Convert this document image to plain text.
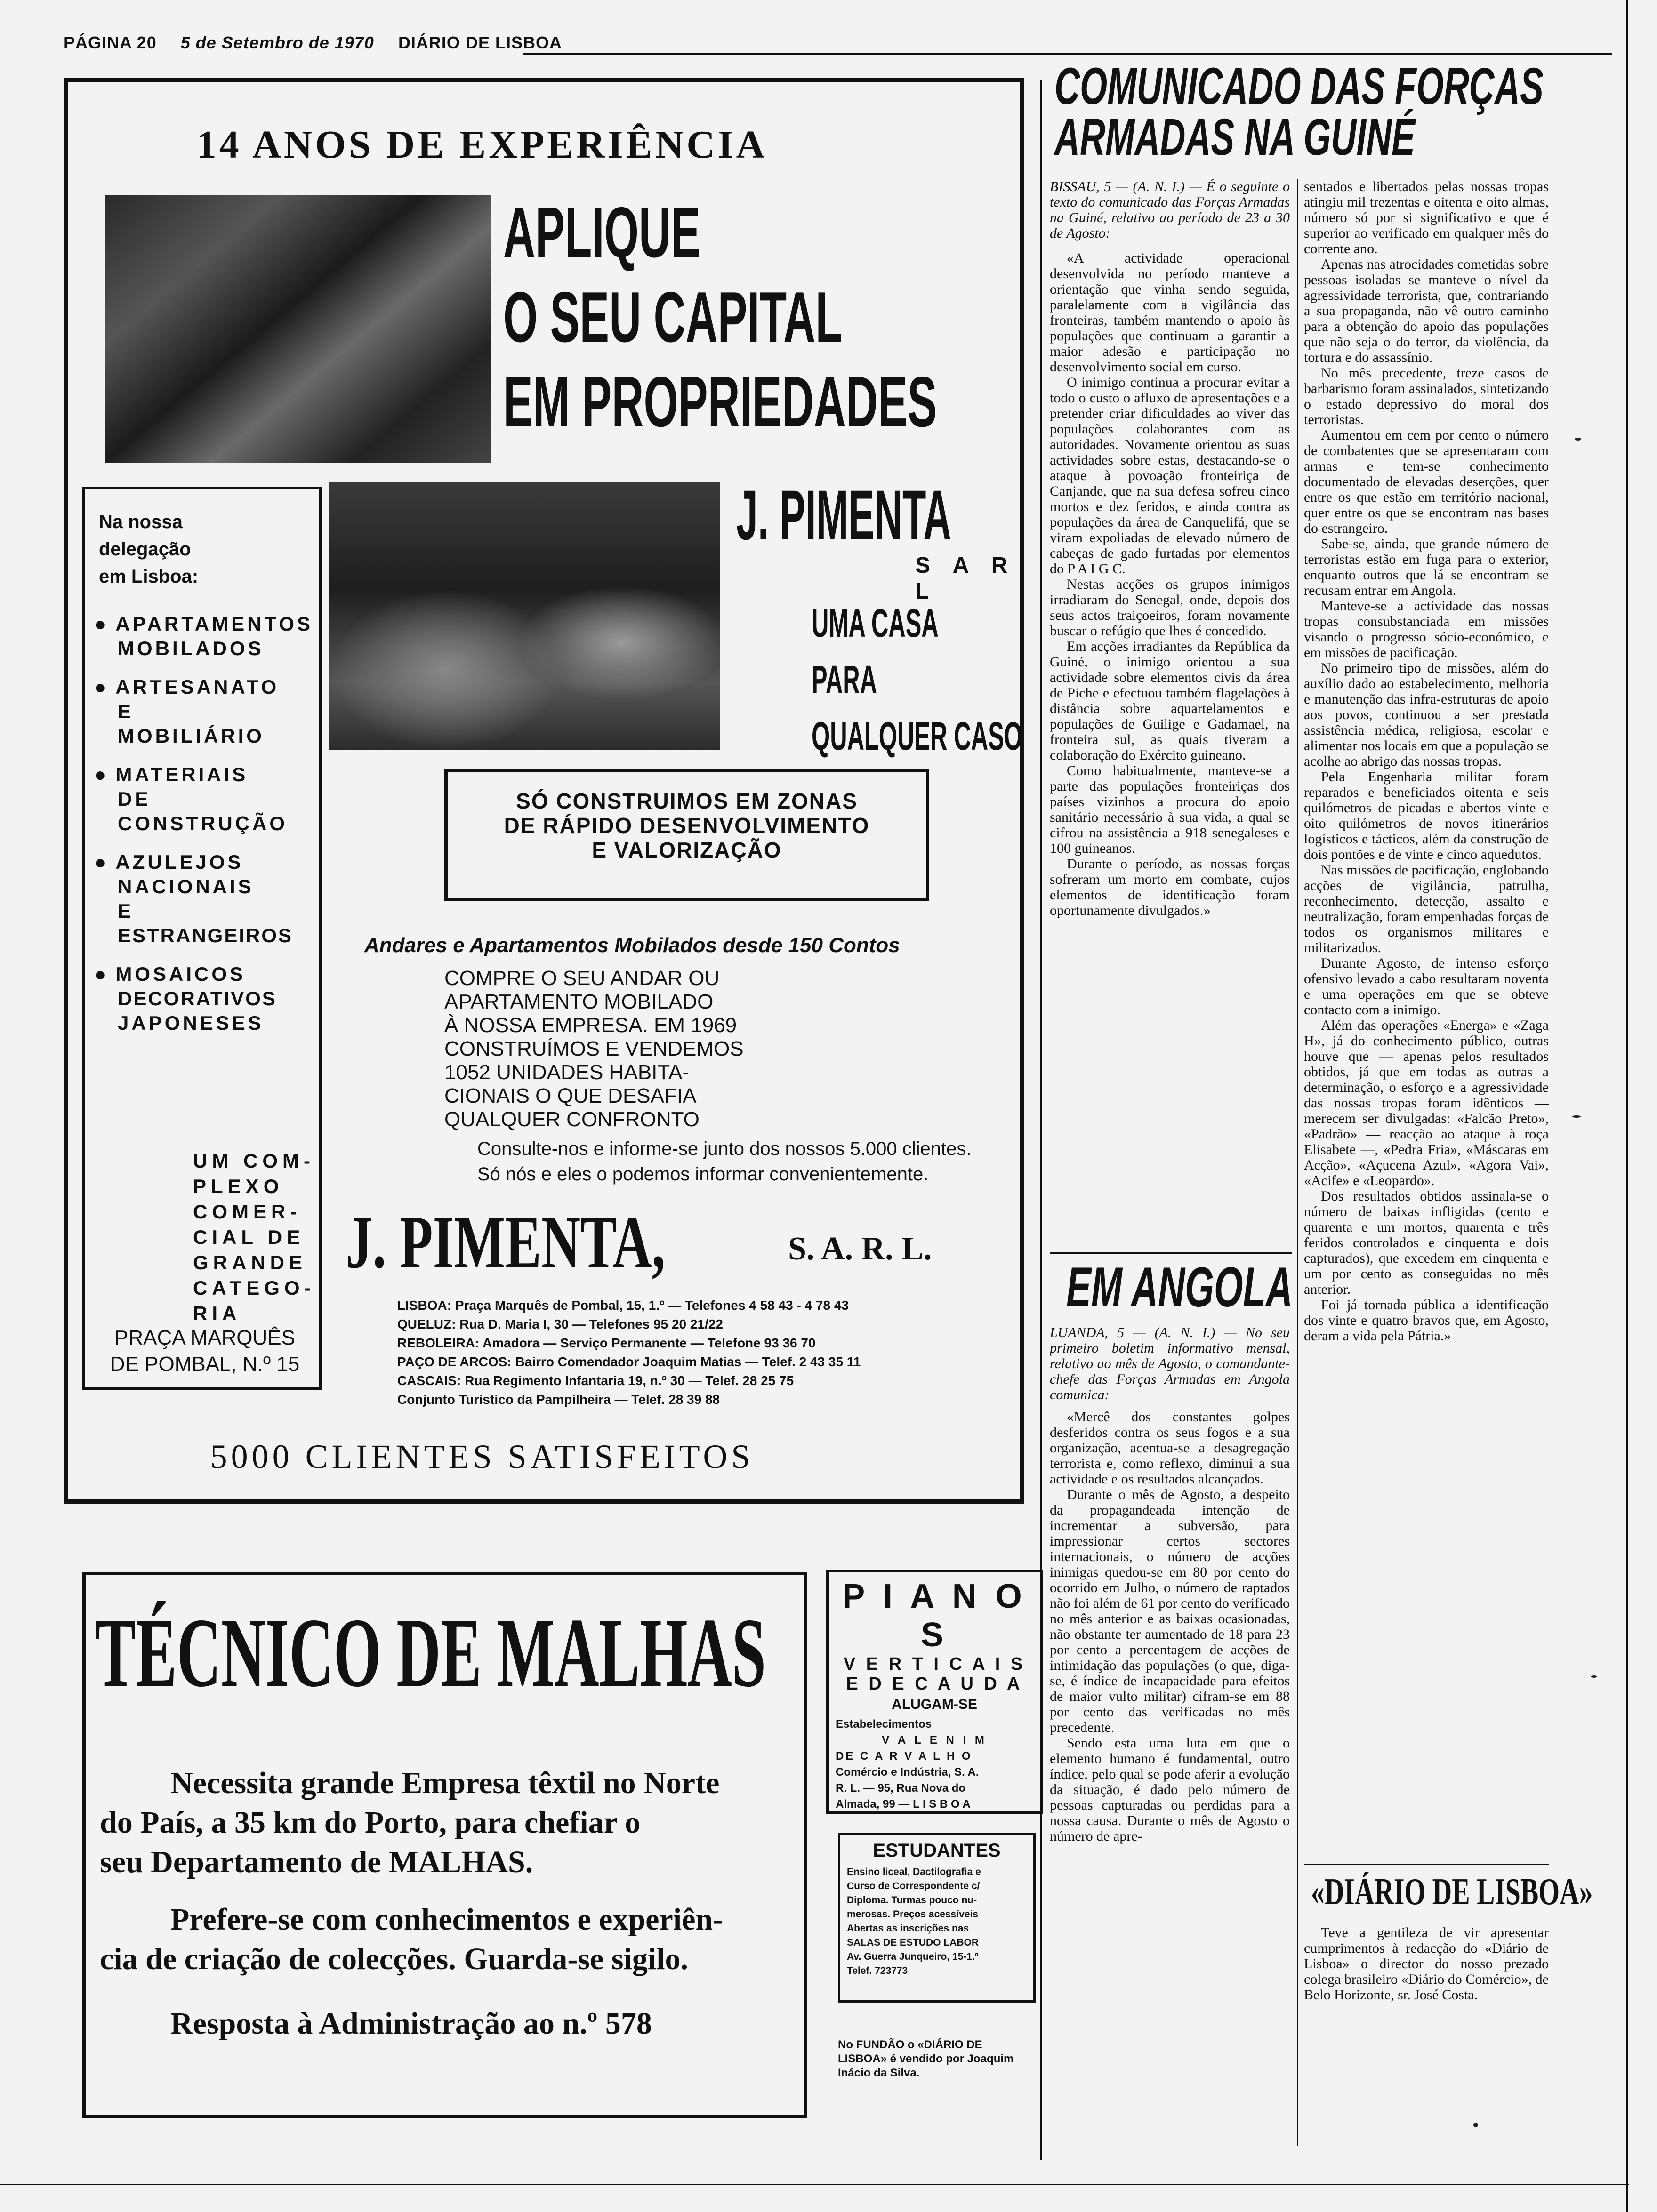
PÁGINA 20 5 de Setembro de 1970 DIÁRIO DE LISBOA
14 ANOS DE EXPERIÊNCIA
APLIQUE
O SEU CAPITAL
EM PROPRIEDADES
Na nossa
delegação
em Lisboa:
● APARTAMENTOS
MOBILADOS
● ARTESANATO
E
MOBILIÁRIO
● MATERIAIS
DE
CONSTRUÇÃO
● AZULEJOS
NACIONAIS
E
ESTRANGEIROS
● MOSAICOS
DECORATIVOS
JAPONESES
UM COM-
PLEXO
COMER-
CIAL DE
GRANDE
CATEGO-
RIA
PRAÇA MARQUÊS
DE POMBAL, N.º 15
J. PIMENTA
S A R L
UMA CASA
PARA
QUALQUER CASO
SÓ CONSTRUIMOS EM ZONAS
DE RÁPIDO DESENVOLVIMENTO
E VALORIZAÇÃO
Andares e Apartamentos Mobilados desde 150 Contos
COMPRE O SEU ANDAR OU
APARTAMENTO MOBILADO
À NOSSA EMPRESA. EM 1969
CONSTRUÍMOS E VENDEMOS
1052 UNIDADES HABITA-
CIONAIS O QUE DESAFIA
QUALQUER CONFRONTO
Consulte-nos e informe-se junto dos nossos 5.000 clientes.
Só nós e eles o podemos informar convenientemente.
J. PIMENTA,	S. A. R. L.
LISBOA: Praça Marquês de Pombal, 15, 1.º — Telefones 4 58 43 - 4 78 43
QUELUZ: Rua D. Maria I, 30 — Telefones 95 20 21/22
REBOLEIRA: Amadora — Serviço Permanente — Telefone 93 36 70
PAÇO DE ARCOS: Bairro Comendador Joaquim Matias — Telef. 2 43 35 11
CASCAIS: Rua Regimento Infantaria 19, n.º 30 — Telef. 28 25 75
Conjunto Turístico da Pampilheira — Telef. 28 39 88
5000 CLIENTES SATISFEITOS
TÉCNICO DE MALHAS
Necessita grande Empresa têxtil no Norte
do País, a 35 km do Porto, para chefiar o
seu Departamento de MALHAS.
Prefere-se com conhecimentos e experiên-
cia de criação de colecções. Guarda-se sigilo.
Resposta à Administração ao n.º 578
P I A N O S
V E R T I C A I S
E D E C A U D A
ALUGAM-SE
Estabelecimentos
V A L E N I M
DE C A R V A L H O
Comércio e Indústria, S. A.
R. L. — 95, Rua Nova do
Almada, 99 — L I S B O A
ESTUDANTES
Ensino liceal, Dactilografia e
Curso de Correspondente c/
Diploma. Turmas pouco nu-
merosas. Preços acessíveis
Abertas as inscrições nas
SALAS DE ESTUDO LABOR
Av. Guerra Junqueiro, 15-1.º
Telef. 723773
No FUNDÃO o «DIÁRIO DE
LISBOA» é vendido por Joaquim
Inácio da Silva.
COMUNICADO DAS FORÇAS
ARMADAS NA GUINÉ
BISSAU, 5 — (A. N. I.) — É o seguinte o texto do comunicado das Forças Armadas na Guiné, relativo ao período de 23 a 30 de Agosto:

«A actividade operacional desenvolvida no período manteve a orientação que vinha sendo seguida, paralelamente com a vigilância das fronteiras, também mantendo o apoio às populações que continuam a garantir a maior adesão e participação no desenvolvimento social em curso.

O inimigo continua a procurar evitar a todo o custo o afluxo de apresentações e a pretender criar dificuldades ao viver das populações colaborantes com as autoridades. Novamente orientou as suas actividades sobre estas, destacando-se o ataque à povoação fronteiriça de Canjande, que na sua defesa sofreu cinco mortos e dez feridos, e ainda contra as populações da área de Canquelifá, que se viram expoliadas de elevado número de cabeças de gado furtadas por elementos do P A I G C.

Nestas acções os grupos inimigos irradiaram do Senegal, onde, depois dos seus actos traiçoeiros, foram novamente buscar o refúgio que lhes é concedido.

Em acções irradiantes da República da Guiné, o inimigo orientou a sua actividade sobre elementos civis da área de Piche e efectuou também flagelações à distância sobre aquartelamentos e populações de Guilige e Gadamael, na fronteira sul, as quais tiveram a colaboração do Exército guineano.

Como habitualmente, manteve-se a parte das populações fronteiriças dos países vizinhos a procura do apoio sanitário necessário à sua vida, a qual se cifrou na assistência a 918 senegaleses e 100 guineanos.

Durante o período, as nossas forças sofreram um morto em combate, cujos elementos de identificação foram oportunamente divulgados.»

sentados e libertados pelas nossas tropas atingiu mil trezentas e oitenta e oito almas, número só por si significativo e que é superior ao verificado em qualquer mês do corrente ano.

Apenas nas atrocidades cometidas sobre pessoas isoladas se manteve o nível da agressividade terrorista, que, contrariando a sua propaganda, não vê outro caminho para a obtenção do apoio das populações que não seja o do terror, da violência, da tortura e do assassínio.

No mês precedente, treze casos de barbarismo foram assinalados, sintetizando o estado depressivo do moral dos terroristas.

Aumentou em cem por cento o número de combatentes que se apresentaram com armas e tem-se conhecimento documentado de elevadas deserções, quer entre os que estão em território nacional, quer entre os que se encontram nas bases do estrangeiro.

Sabe-se, ainda, que grande número de terroristas estão em fuga para o exterior, enquanto outros que lá se encontram se recusam entrar em Angola.

Manteve-se a actividade das nossas tropas consubstanciada em missões visando o progresso sócio-económico, e em missões de pacificação.

No primeiro tipo de missões, além do auxílio dado ao estabelecimento, melhoria e manutenção das infra-estruturas de apoio aos povos, continuou a ser prestada assistência médica, religiosa, escolar e alimentar nos locais em que a população se acolhe ao abrigo das nossas tropas.

Pela Engenharia militar foram reparados e beneficiados oitenta e seis quilómetros de picadas e abertos vinte e oito quilómetros de novos itinerários logísticos e tácticos, além da construção de dois pontões e de vinte e cinco aquedutos.

Nas missões de pacificação, englobando acções de vigilância, patrulha, reconhecimento, detecção, assalto e neutralização, foram empenhadas forças de todos os organismos militares e militarizados.

Durante Agosto, de intenso esforço ofensivo levado a cabo resultaram noventa e uma operações em que se obteve contacto com a inimigo.

Além das operações «Energa» e «Zaga H», já do conhecimento público, outras houve que — apenas pelos resultados obtidos, já que em todas as outras a determinação, o esforço e a agressividade das nossas tropas foram idênticos — merecem ser divulgadas: «Falcão Preto», «Padrão» — reacção ao ataque à roça Elisabete —, «Pedra Fria», «Máscaras em Acção», «Açucena Azul», «Agora Vai», «Acife» e «Leopardo».

Dos resultados obtidos assinala-se o número de baixas infligidas (cento e quarenta e um mortos, quarenta e três feridos controlados e cinquenta e dois capturados), que excedem em cinquenta e um por cento as conseguidas no mês anterior.

Foi já tornada pública a identificação dos vinte e quatro bravos que, em Agosto, deram a vida pela Pátria.»

EM ANGOLA
LUANDA, 5 — (A. N. I.) — No seu primeiro boletim informativo mensal, relativo ao mês de Agosto, o comandante-chefe das Forças Armadas em Angola comunica:

«Mercê dos constantes golpes desferidos contra os seus fogos e a sua organização, acentua-se a desagregação terrorista e, como reflexo, diminui a sua actividade e os resultados alcançados.

Durante o mês de Agosto, a despeito da propagandeada intenção de incrementar a subversão, para impressionar certos sectores internacionais, o número de acções inimigas quedou-se em 80 por cento do ocorrido em Julho, o número de raptados não foi além de 61 por cento do verificado no mês anterior e as baixas ocasionadas, não obstante ter aumentado de 18 para 23 por cento a percentagem de acções de intimidação das populações (o que, diga-se, é índice de incapacidade para efeitos de maior vulto militar) cifram-se em 88 por cento das verificadas no mês precedente.

Sendo esta uma luta em que o elemento humano é fundamental, outro índice, pelo qual se pode aferir a evolução da situação, é dado pelo número de pessoas capturadas ou perdidas para a nossa causa. Durante o mês de Agosto o número de apre-

«DIÁRIO DE LISBOA»

Teve a gentileza de vir apresentar cumprimentos à redacção do «Diário de Lisboa» o director do nosso prezado colega brasileiro «Diário do Comércio», de Belo Horizonte, sr. José Costa.
